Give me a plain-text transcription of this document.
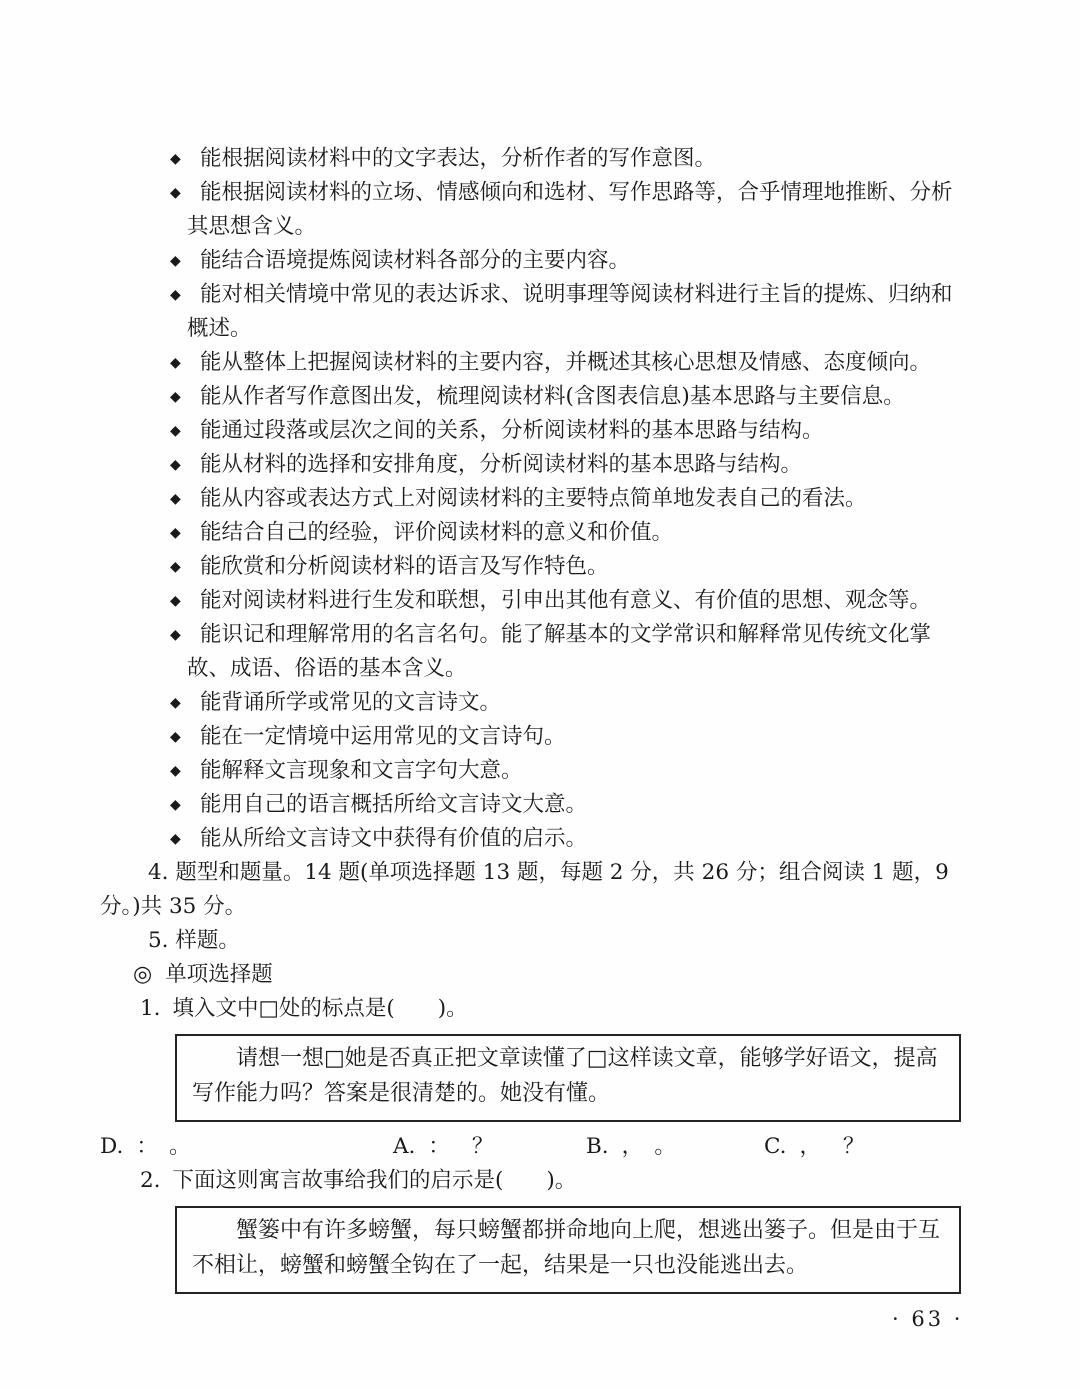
◆ 能根据阅读材料中的文字表达，分析作者的写作意图。
◆ 能根据阅读材料的立场、情感倾向和选材、写作思路等，合乎情理地推断、分析其思想含义。
◆ 能结合语境提炼阅读材料各部分的主要内容。
◆ 能对相关情境中常见的表达诉求、说明事理等阅读材料进行主旨的提炼、归纳和概述。
◆ 能从整体上把握阅读材料的主要内容，并概述其核心思想及情感、态度倾向。
◆ 能从作者写作意图出发，梳理阅读材料(含图表信息)基本思路与主要信息。
◆ 能通过段落或层次之间的关系，分析阅读材料的基本思路与结构。
◆ 能从材料的选择和安排角度，分析阅读材料的基本思路与结构。
◆ 能从内容或表达方式上对阅读材料的主要特点简单地发表自己的看法。
◆ 能结合自己的经验，评价阅读材料的意义和价值。
◆ 能欣赏和分析阅读材料的语言及写作特色。
◆ 能对阅读材料进行生发和联想，引申出其他有意义、有价值的思想、观念等。
◆ 能识记和理解常用的名言名句。能了解基本的文学常识和解释常见传统文化掌故、成语、俗语的基本含义。
◆ 能背诵所学或常见的文言诗文。
◆ 能在一定情境中运用常见的文言诗句。
◆ 能解释文言现象和文言字句大意。
◆ 能用自己的语言概括所给文言诗文大意。
◆ 能从所给文言诗文中获得有价值的启示。

4. 题型和题量。14 题(单项选择题 13 题，每题 2 分，共 26 分；组合阅读 1 题，9 分。)共 35 分。

5. 样题。

◎ 单项选择题

1. 填入文中□处的标点是(　　)。

请想一想□她是否真正把文章读懂了□这样读文章，能够学好语文，提高写作能力吗？答案是很清楚的。她没有懂。

A. ：？	B. ，。	C. ，？
D. ：。

2. 下面这则寓言故事给我们的启示是(　　)。

蟹篓中有许多螃蟹，每只螃蟹都拼命地向上爬，想逃出篓子。但是由于互不相让，螃蟹和螃蟹全钩在了一起，结果是一只也没能逃出去。

· 63 ·
